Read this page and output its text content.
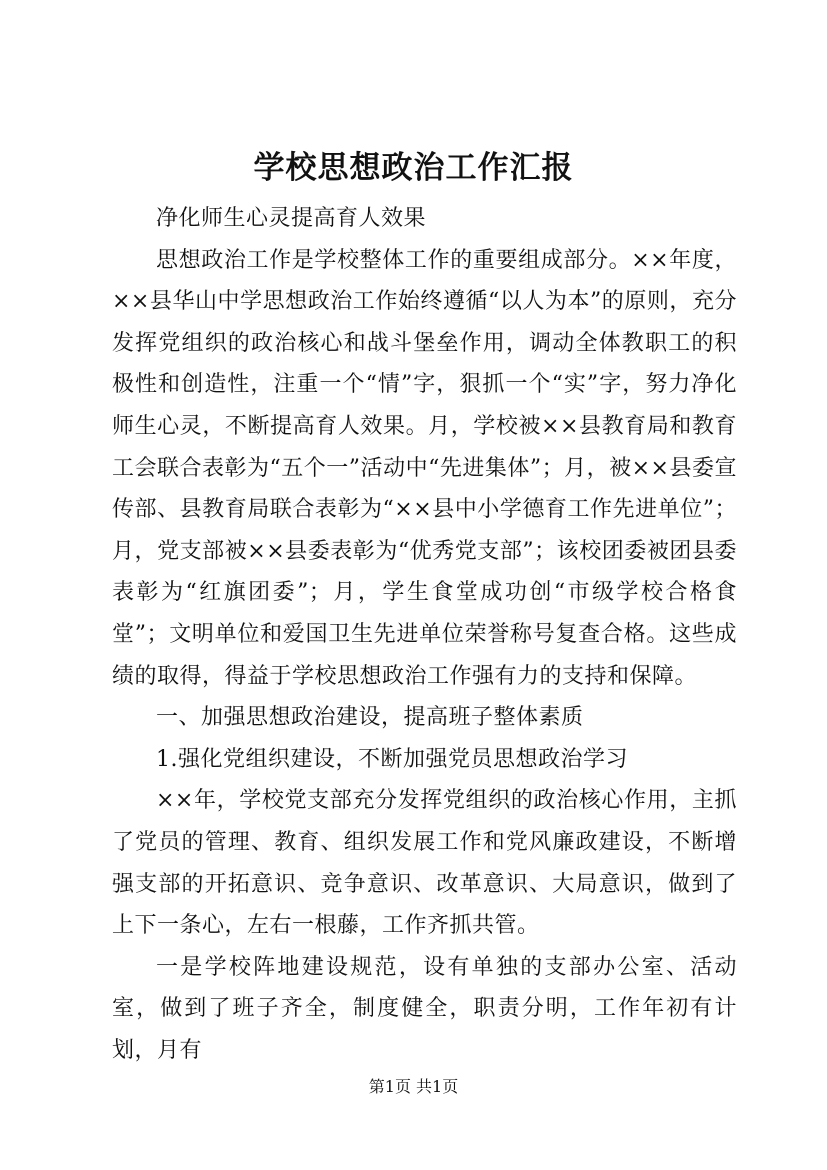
学校思想政治工作汇报

净化师生心灵提高育人效果

思想政治工作是学校整体工作的重要组成部分。××年度，××县华山中学思想政治工作始终遵循“以人为本”的原则，充分发挥党组织的政治核心和战斗堡垒作用，调动全体教职工的积极性和创造性，注重一个“情”字，狠抓一个“实”字，努力净化师生心灵，不断提高育人效果。月，学校被××县教育局和教育工会联合表彰为“五个一”活动中“先进集体”；月，被××县委宣传部、县教育局联合表彰为“××县中小学德育工作先进单位”；月，党支部被××县委表彰为“优秀党支部”；该校团委被团县委表彰为“红旗团委”；月，学生食堂成功创“市级学校合格食堂”；文明单位和爱国卫生先进单位荣誉称号复查合格。这些成绩的取得，得益于学校思想政治工作强有力的支持和保障。

一、加强思想政治建设，提高班子整体素质

1.强化党组织建设，不断加强党员思想政治学习

××年，学校党支部充分发挥党组织的政治核心作用，主抓了党员的管理、教育、组织发展工作和党风廉政建设，不断增强支部的开拓意识、竞争意识、改革意识、大局意识，做到了上下一条心，左右一根藤，工作齐抓共管。

一是学校阵地建设规范，设有单独的支部办公室、活动室，做到了班子齐全，制度健全，职责分明，工作年初有计划，月有

第1页 共1页
